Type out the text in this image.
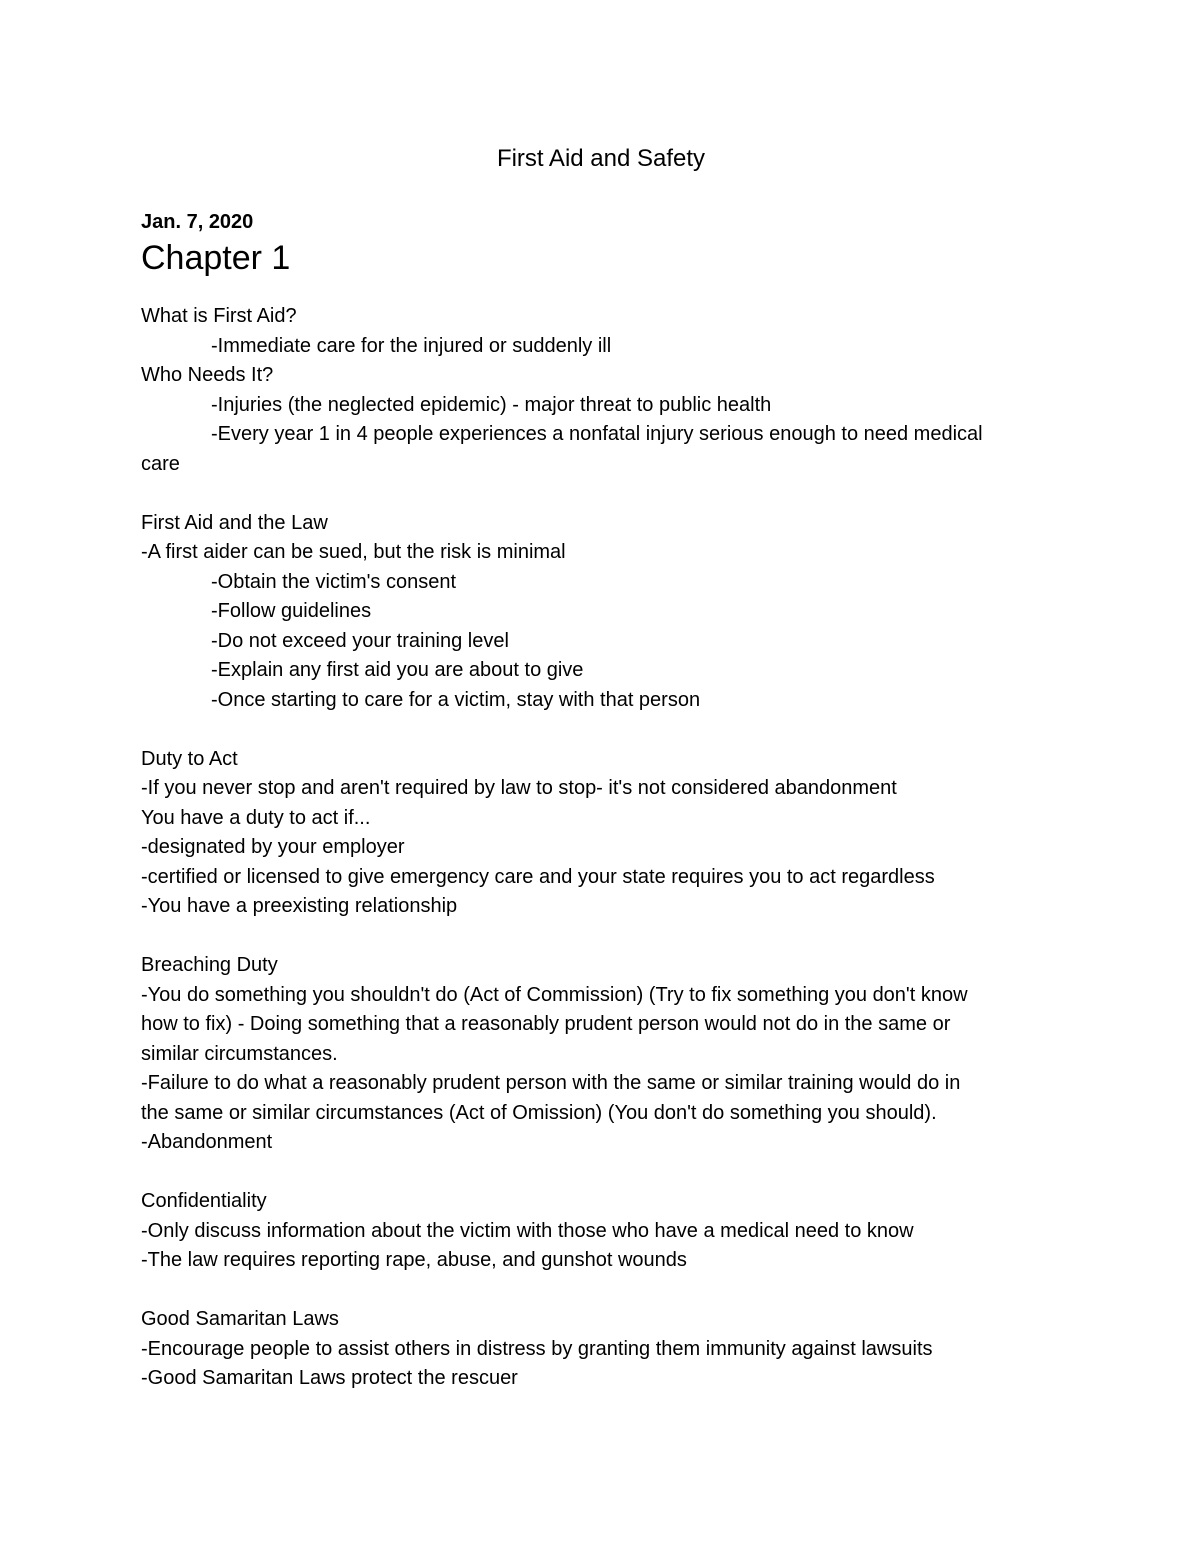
First Aid and Safety
Jan. 7, 2020
Chapter 1
What is First Aid?
-Immediate care for the injured or suddenly ill
Who Needs It?
-Injuries (the neglected epidemic) - major threat to public health
-Every year 1 in 4 people experiences a nonfatal injury serious enough to need medical
care
First Aid and the Law
-A first aider can be sued, but the risk is minimal
-Obtain the victim's consent
-Follow guidelines
-Do not exceed your training level
-Explain any first aid you are about to give
-Once starting to care for a victim, stay with that person
Duty to Act
-If you never stop and aren't required by law to stop- it's not considered abandonment
You have a duty to act if...
-designated by your employer
-certified or licensed to give emergency care and your state requires you to act regardless
-You have a preexisting relationship
Breaching Duty
-You do something you shouldn't do (Act of Commission) (Try to fix something you don't know
how to fix) - Doing something that a reasonably prudent person would not do in the same or
similar circumstances.
-Failure to do what a reasonably prudent person with the same or similar training would do in
the same or similar circumstances (Act of Omission) (You don't do something you should).
-Abandonment
Confidentiality
-Only discuss information about the victim with those who have a medical need to know
-The law requires reporting rape, abuse, and gunshot wounds
Good Samaritan Laws
-Encourage people to assist others in distress by granting them immunity against lawsuits
-Good Samaritan Laws protect the rescuer
